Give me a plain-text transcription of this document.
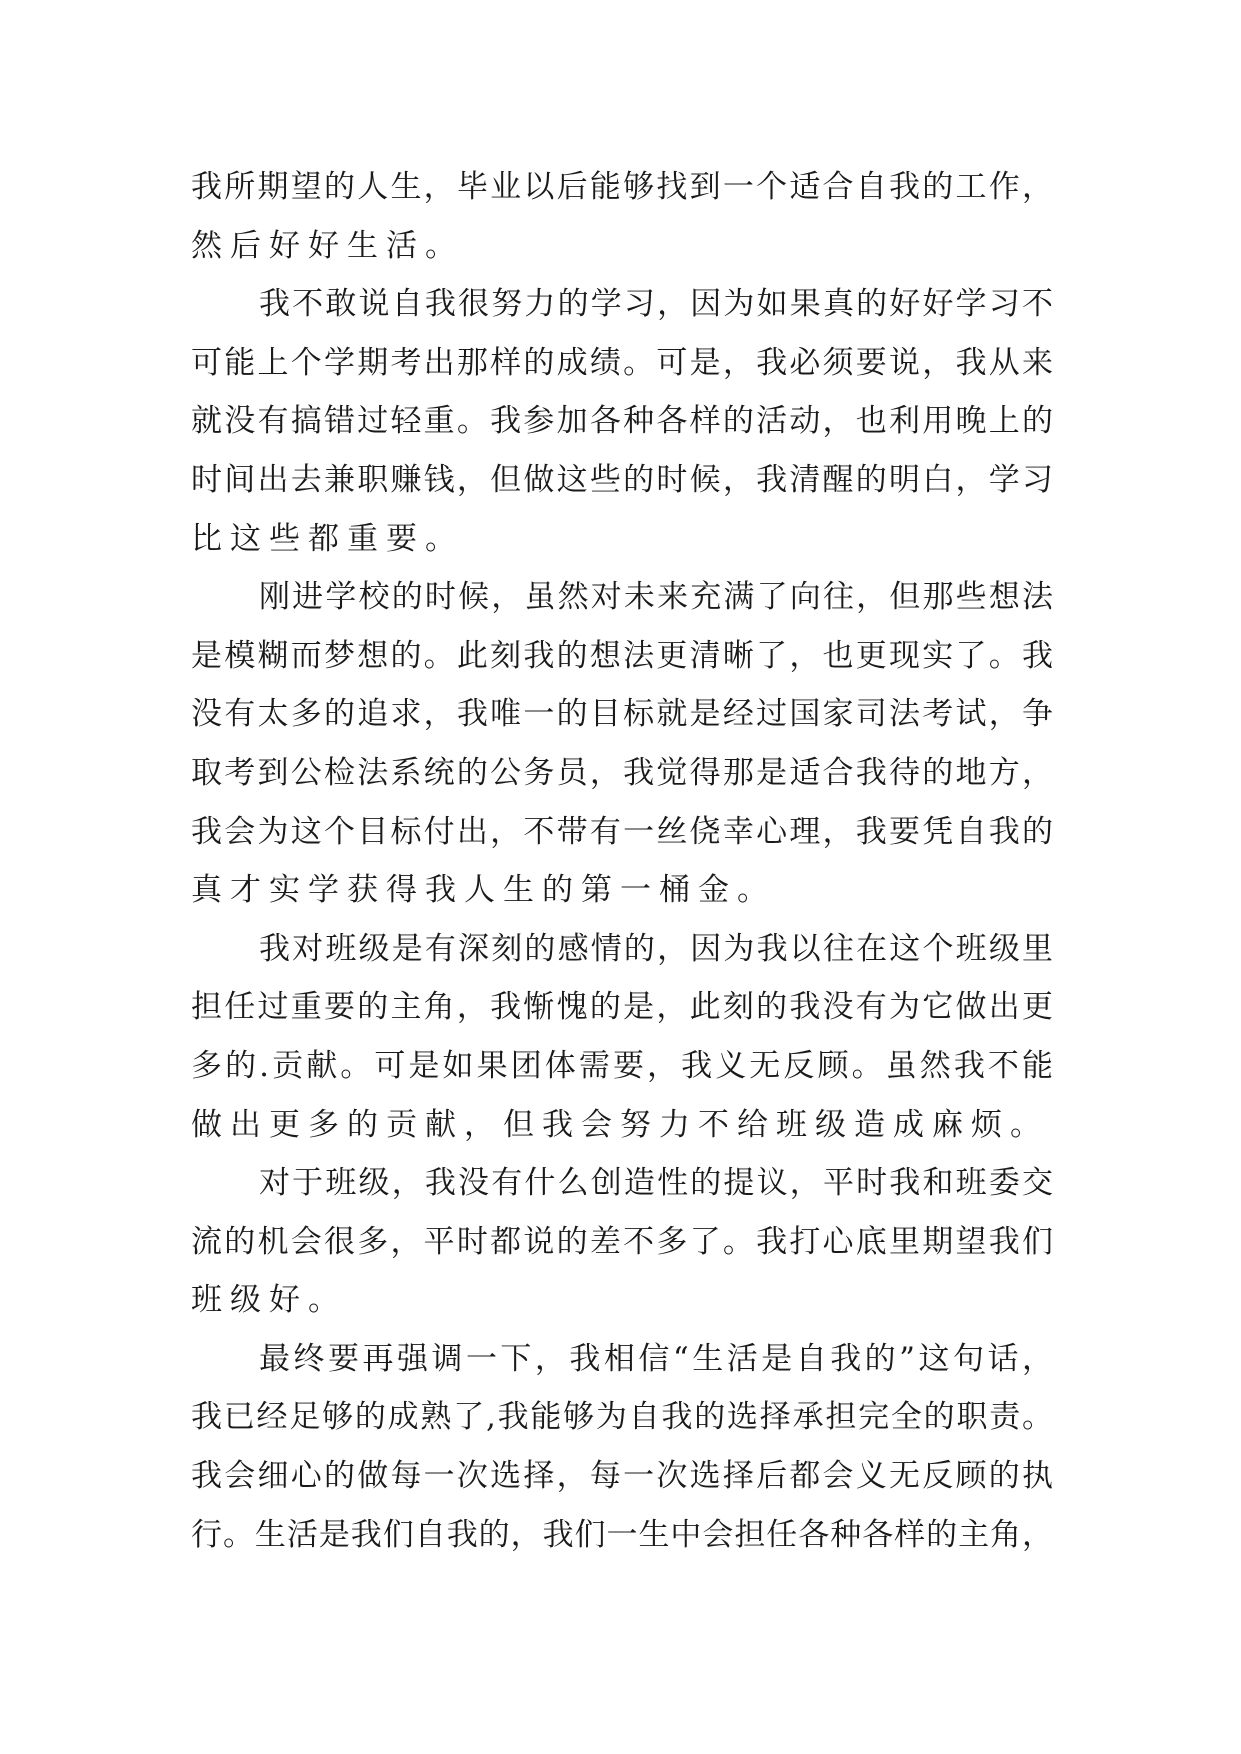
我所期望的人生，毕业以后能够找到一个适合自我的工作，
然后好好生活。
我不敢说自我很努力的学习，因为如果真的好好学习不
可能上个学期考出那样的成绩。可是，我必须要说，我从来
就没有搞错过轻重。我参加各种各样的活动，也利用晚上的
时间出去兼职赚钱，但做这些的时候，我清醒的明白，学习
比这些都重要。
刚进学校的时候，虽然对未来充满了向往，但那些想法
是模糊而梦想的。此刻我的想法更清晰了，也更现实了。我
没有太多的追求，我唯一的目标就是经过国家司法考试，争
取考到公检法系统的公务员，我觉得那是适合我待的地方，
我会为这个目标付出，不带有一丝侥幸心理，我要凭自我的
真才实学获得我人生的第一桶金。
我对班级是有深刻的感情的，因为我以往在这个班级里
担任过重要的主角，我惭愧的是，此刻的我没有为它做出更
多的.贡献。可是如果团体需要，我义无反顾。虽然我不能
做出更多的贡献，但我会努力不给班级造成麻烦。
对于班级，我没有什么创造性的提议，平时我和班委交
流的机会很多，平时都说的差不多了。我打心底里期望我们
班级好。
最终要再强调一下，我相信“生活是自我的”这句话，
我已经足够的成熟了,我能够为自我的选择承担完全的职责。
我会细心的做每一次选择，每一次选择后都会义无反顾的执
行。生活是我们自我的，我们一生中会担任各种各样的主角，
